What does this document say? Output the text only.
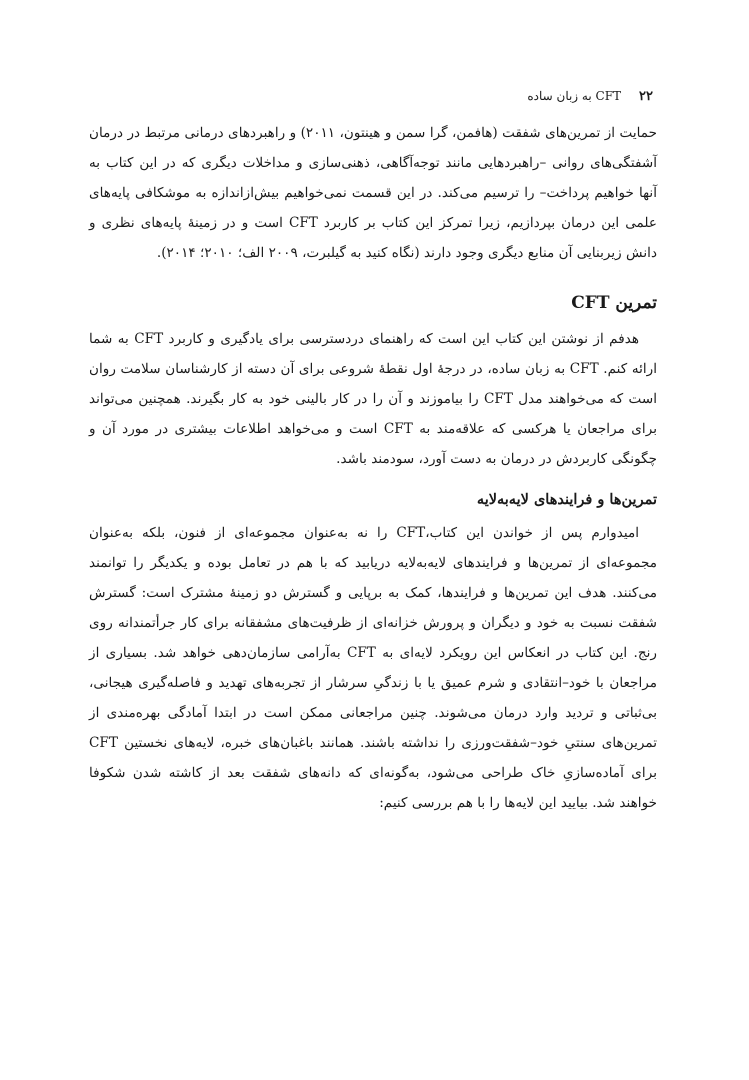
۲۲
CFT به زبان ساده

حمایت از تمرین‌های شفقت (هافمن، گرا سمن و هینتون، ۲۰۱۱) و راهبردهای درمانی مرتبط در درمان آشفتگی‌های روانی –راهبردهایی مانند توجه‌آگاهی، ذهنی‌سازی و مداخلات دیگری که در این کتاب به آنها خواهیم پرداخت– را ترسیم می‌کند. در این قسمت نمی‌خواهیم بیش‌ازاندازه به موشکافی پایه‌های علمی این درمان بپردازیم، زیرا تمرکز این کتاب بر کاربرد CFT است و در زمینهٔ پایه‌های نظری و دانش زیربنایی آن منابع دیگری وجود دارند (نگاه کنید به گیلبرت، ۲۰۰۹ الف؛ ۲۰۱۰؛ ۲۰۱۴).

تمرین CFT

هدفم از نوشتن این کتاب این است که راهنمای دردسترسی برای یادگیری و کاربرد CFT به شما ارائه کنم. CFT به زبان ساده، در درجهٔ اول نقطهٔ شروعی برای آن دسته از کارشناسان سلامت روان است که می‌خواهند مدل CFT را بیاموزند و آن را در کار بالینی خود به کار بگیرند. همچنین می‌تواند برای مراجعان یا هرکسی که علاقه‌مند به CFT است و می‌خواهد اطلاعات بیشتری در مورد آن و چگونگی کاربردش در درمان به دست آورد، سودمند باشد.

تمرین‌ها و فرایندهای لایه‌به‌لایه

امیدوارم پس از خواندن این کتاب،CFT را نه به‌عنوان مجموعه‌ای از فنون، بلکه به‌عنوان مجموعه‌ای از تمرین‌ها و فرایندهای لایه‌به‌لایه دریابید که با هم در تعامل بوده و یکدیگر را توانمند می‌کنند. هدف این تمرین‌ها و فرایندها، کمک به برپایی و گسترش دو زمینهٔ مشترک است: گسترش شفقت نسبت به خود و دیگران و پرورش خزانه‌ای از ظرفیت‌های مشفقانه برای کار جرأتمندانه روی رنج. این کتاب در انعکاس این رویکرد لایه‌ای به CFT به‌آرامی سازمان‌دهی خواهد شد. بسیاری از مراجعان با خود–انتقادی و شرم عمیق یا با زندگیِ سرشار از تجربه‌های تهدید و فاصله‌گیری هیجانی، بی‌ثباتی و تردید وارد درمان می‌شوند. چنین مراجعانی ممکن است در ابتدا آمادگی بهره‌مندی از تمرین‌های سنتیِ خود–شفقت‌ورزی را نداشته باشند. همانند باغبان‌های خبره، لایه‌های نخستین CFT برای آماده‌سازیِ خاک طراحی می‌شود، به‌گونه‌ای که دانه‌های شفقت بعد از کاشته شدن شکوفا خواهند شد. بیایید این لایه‌ها را با هم بررسی کنیم:
